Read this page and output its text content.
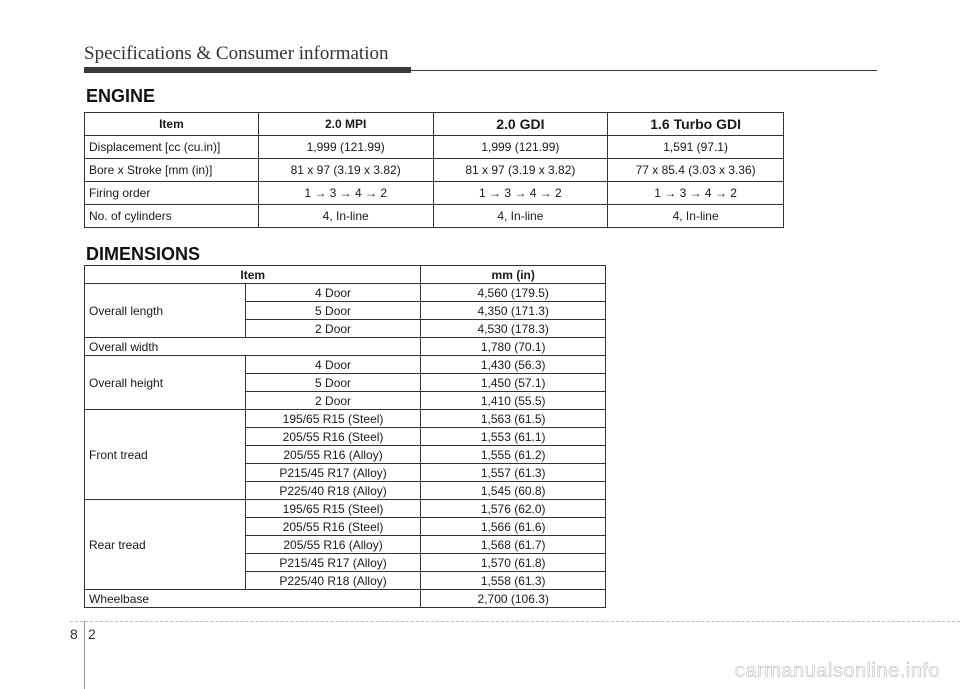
Specifications & Consumer information
ENGINE
Item	2.0 MPI	2.0 GDI	1.6 Turbo GDI
Displacement [cc (cu.in)]	1,999 (121.99)	1,999 (121.99)	1,591 (97.1)
Bore x Stroke [mm (in)]	81 x 97 (3.19 x 3.82)	81 x 97 (3.19 x 3.82)	77 x 85.4 (3.03 x 3.36)
Firing order	1 → 3 → 4 → 2	1 → 3 → 4 → 2	1 → 3 → 4 → 2
No. of cylinders	4, In-line	4, In-line	4, In-line
DIMENSIONS
Item		mm (in)
Overall length	4 Door	4,560 (179.5)
	5 Door	4,350 (171.3)
	2 Door	4,530 (178.3)
Overall width		1,780 (70.1)
Overall height	4 Door	1,430 (56.3)
	5 Door	1,450 (57.1)
	2 Door	1,410 (55.5)
Front tread	195/65 R15 (Steel)	1,563 (61.5)
	205/55 R16 (Steel)	1,553 (61.1)
	205/55 R16 (Alloy)	1,555 (61.2)
	P215/45 R17 (Alloy)	1,557 (61.3)
	P225/40 R18 (Alloy)	1,545 (60.8)
Rear tread	195/65 R15 (Steel)	1,576 (62.0)
	205/55 R16 (Steel)	1,566 (61.6)
	205/55 R16 (Alloy)	1,568 (61.7)
	P215/45 R17 (Alloy)	1,570 (61.8)
	P225/40 R18 (Alloy)	1,558 (61.3)
Wheelbase		2,700 (106.3)
8 2
carmanualsonline.info
